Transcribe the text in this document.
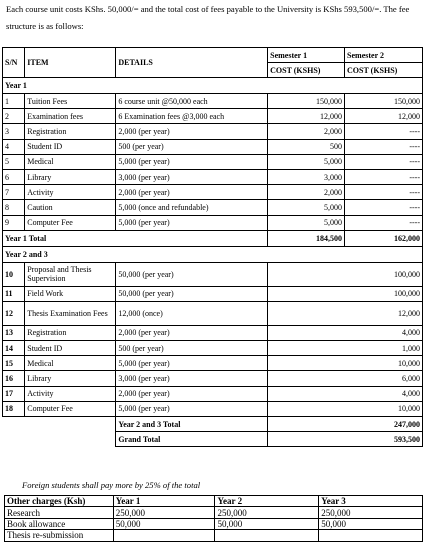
Each course unit costs KShs. 50,000/= and the total cost of fees payable to the University is KShs 593,500/=. The fee structure is as follows:
S/N	ITEM	DETAILS	Semester 1	Semester 2
			COST (KSHS)	COST (KSHS)
Year 1				
1	Tuition Fees	6 course unit @50,000 each	150,000	150,000
2	Examination fees	6 Examination fees @3,000 each	12,000	12,000
3	Registration	2,000 (per year)	2,000	----
4	Student ID	500 (per year)	500	----
5	Medical	5,000 (per year)	5,000	----
6	Library	3,000 (per year)	3,000	----
7	Activity	2,000 (per year)	2,000	----
8	Caution	5,000 (once and refundable)	5,000	----
9	Computer Fee	5,000 (per year)	5,000	----
Year 1 Total			184,500	162,000
Year 2 and 3				
10	Proposal and Thesis Supervision	50,000 (per year)	100,000	
11	Field Work	50,000 (per year)	100,000	
12	Thesis Examination Fees	12,000 (once)	12,000	
13	Registration	2,000 (per year)	4,000	
14	Student ID	500 (per year)	1,000	
15	Medical	5,000 (per year)	10,000	
16	Library	3,000 (per year)	6,000	
17	Activity	2,000 (per year)	4,000	
18	Computer Fee	5,000 (per year)	10,000	
		Year 2 and 3 Total	247,000	
		Grand Total	593,500	
Foreign students shall pay more by 25% of the total
Other charges (Ksh)	Year 1	Year 2	Year 3
Research	250,000	250,000	250,000
Book allowance	50,000	50,000	50,000
Thesis re-submission			
